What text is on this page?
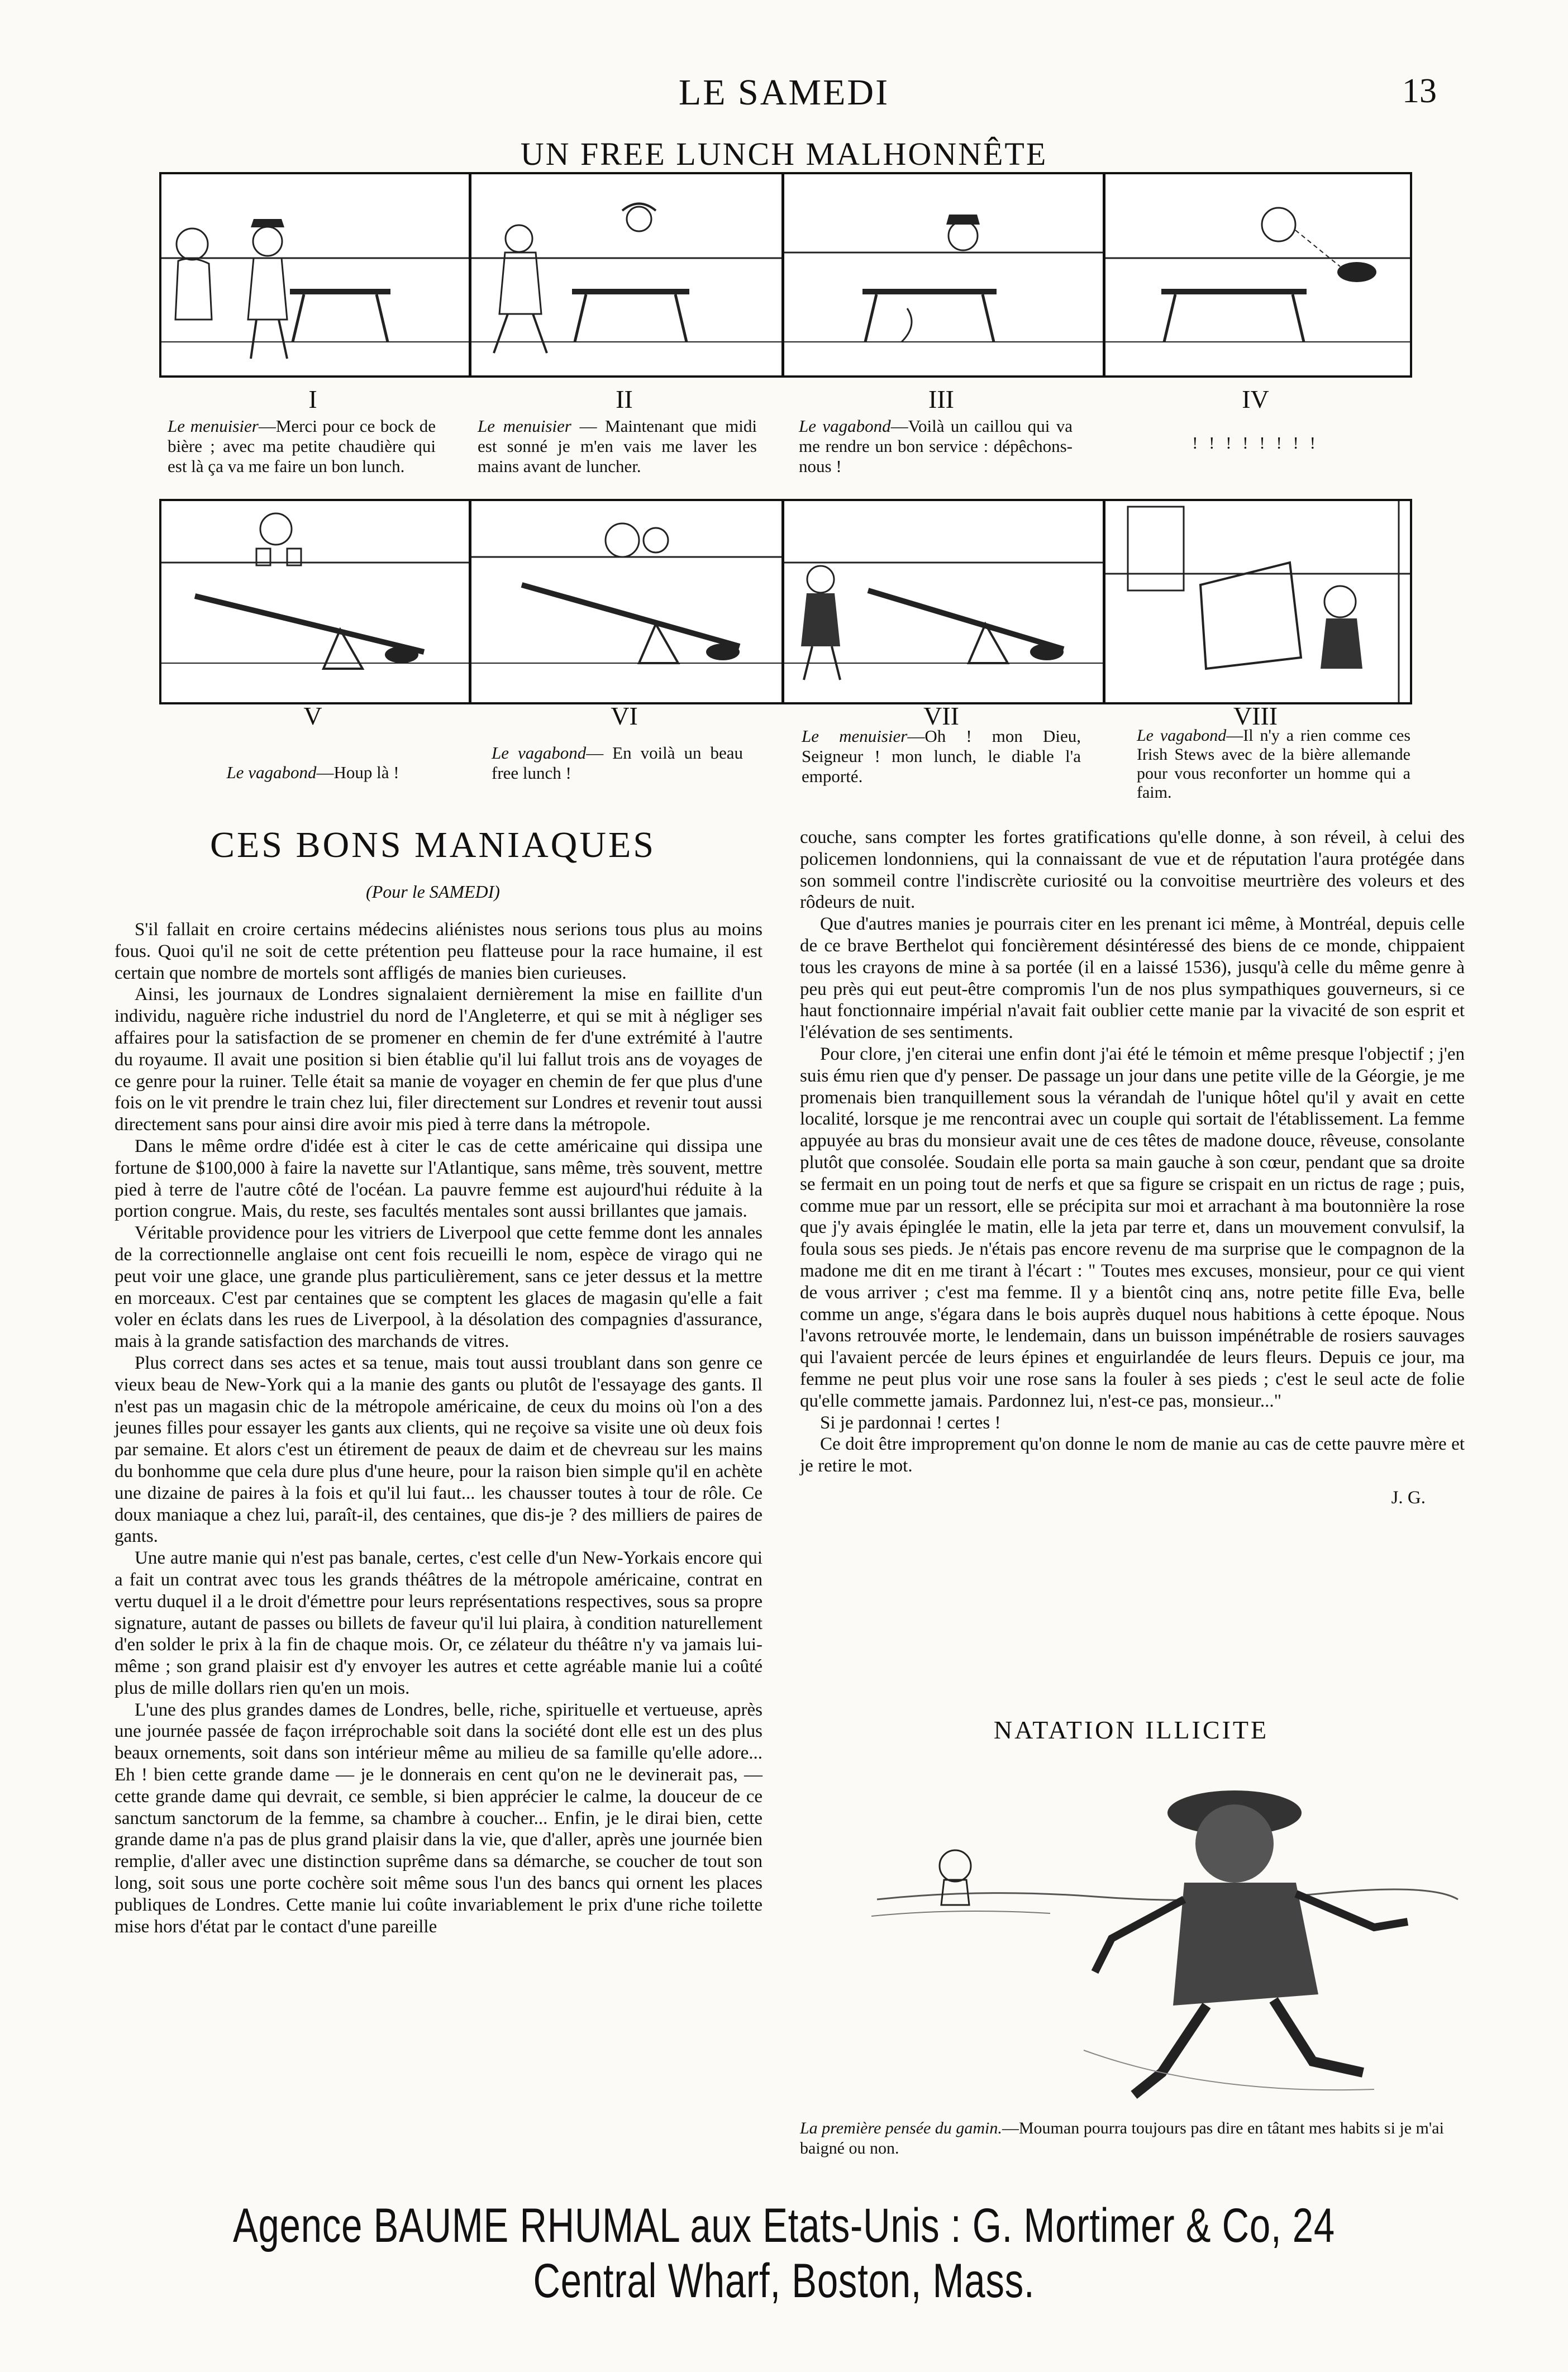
LE SAMEDI	13
UN FREE LUNCH MALHONNÊTE
I	II	III	IV
Le menuisier—Merci pour ce bock de bière ; avec ma petite chaudière qui est là ça va me faire un bon lunch.
Le menuisier — Maintenant que midi est sonné je m'en vais me laver les mains avant de luncher.
Le vagabond—Voilà un caillou qui va me rendre un bon service : dépêchons-nous !
! ! ! ! ! ! ! !
V	VI	VII	VIII
Le vagabond—Houp là !
Le vagabond— En voilà un beau free lunch !
Le menuisier—Oh ! mon Dieu, Seigneur ! mon lunch, le diable l'a emporté.
Le vagabond—Il n'y a rien comme ces Irish Stews avec de la bière allemande pour vous reconforter un homme qui a faim.
CES BONS MANIAQUES
(Pour le SAMEDI)

S'il fallait en croire certains médecins aliénistes nous serions tous plus au moins fous. Quoi qu'il ne soit de cette prétention peu flatteuse pour la race humaine, il est certain que nombre de mortels sont affligés de manies bien curieuses.

Ainsi, les journaux de Londres signalaient dernièrement la mise en faillite d'un individu, naguère riche industriel du nord de l'Angleterre, et qui se mit à négliger ses affaires pour la satisfaction de se promener en chemin de fer d'une extrémité à l'autre du royaume. Il avait une position si bien établie qu'il lui fallut trois ans de voyages de ce genre pour la ruiner. Telle était sa manie de voyager en chemin de fer que plus d'une fois on le vit prendre le train chez lui, filer directement sur Londres et revenir tout aussi directement sans pour ainsi dire avoir mis pied à terre dans la métropole.

Dans le même ordre d'idée est à citer le cas de cette américaine qui dissipa une fortune de $100,000 à faire la navette sur l'Atlantique, sans même, très souvent, mettre pied à terre de l'autre côté de l'océan. La pauvre femme est aujourd'hui réduite à la portion congrue. Mais, du reste, ses facultés mentales sont aussi brillantes que jamais.

Véritable providence pour les vitriers de Liverpool que cette femme dont les annales de la correctionnelle anglaise ont cent fois recueilli le nom, espèce de virago qui ne peut voir une glace, une grande plus particulièrement, sans ce jeter dessus et la mettre en morceaux. C'est par centaines que se comptent les glaces de magasin qu'elle a fait voler en éclats dans les rues de Liverpool, à la désolation des compagnies d'assurance, mais à la grande satisfaction des marchands de vitres.

Plus correct dans ses actes et sa tenue, mais tout aussi troublant dans son genre ce vieux beau de New-York qui a la manie des gants ou plutôt de l'essayage des gants. Il n'est pas un magasin chic de la métropole américaine, de ceux du moins où l'on a des jeunes filles pour essayer les gants aux clients, qui ne reçoive sa visite une où deux fois par semaine. Et alors c'est un étirement de peaux de daim et de chevreau sur les mains du bonhomme que cela dure plus d'une heure, pour la raison bien simple qu'il en achète une dizaine de paires à la fois et qu'il lui faut... les chausser toutes à tour de rôle. Ce doux maniaque a chez lui, paraît-il, des centaines, que dis-je ? des milliers de paires de gants.

Une autre manie qui n'est pas banale, certes, c'est celle d'un New-Yorkais encore qui a fait un contrat avec tous les grands théâtres de la métropole américaine, contrat en vertu duquel il a le droit d'émettre pour leurs représentations respectives, sous sa propre signature, autant de passes ou billets de faveur qu'il lui plaira, à condition naturellement d'en solder le prix à la fin de chaque mois. Or, ce zélateur du théâtre n'y va jamais lui-même ; son grand plaisir est d'y envoyer les autres et cette agréable manie lui a coûté plus de mille dollars rien qu'en un mois.

L'une des plus grandes dames de Londres, belle, riche, spirituelle et vertueuse, après une journée passée de façon irréprochable soit dans la société dont elle est un des plus beaux ornements, soit dans son intérieur même au milieu de sa famille qu'elle adore... Eh ! bien cette grande dame — je le donnerais en cent qu'on ne le devinerait pas, — cette grande dame qui devrait, ce semble, si bien apprécier le calme, la douceur de ce sanctum sanctorum de la femme, sa chambre à coucher... Enfin, je le dirai bien, cette grande dame n'a pas de plus grand plaisir dans la vie, que d'aller, après une journée bien remplie, d'aller avec une distinction suprême dans sa démarche, se coucher de tout son long, soit sous une porte cochère soit même sous l'un des bancs qui ornent les places publiques de Londres. Cette manie lui coûte invariablement le prix d'une riche toilette mise hors d'état par le contact d'une pareille

couche, sans compter les fortes gratifications qu'elle donne, à son réveil, à celui des policemen londonniens, qui la connaissant de vue et de réputation l'aura protégée dans son sommeil contre l'indiscrète curiosité ou la convoitise meurtrière des voleurs et des rôdeurs de nuit.

Que d'autres manies je pourrais citer en les prenant ici même, à Montréal, depuis celle de ce brave Berthelot qui foncièrement désintéressé des biens de ce monde, chippaient tous les crayons de mine à sa portée (il en a laissé 1536), jusqu'à celle du même genre à peu près qui eut peut-être compromis l'un de nos plus sympathiques gouverneurs, si ce haut fonctionnaire impérial n'avait fait oublier cette manie par la vivacité de son esprit et l'élévation de ses sentiments.

Pour clore, j'en citerai une enfin dont j'ai été le témoin et même presque l'objectif ; j'en suis ému rien que d'y penser. De passage un jour dans une petite ville de la Géorgie, je me promenais bien tranquillement sous la vérandah de l'unique hôtel qu'il y avait en cette localité, lorsque je me rencontrai avec un couple qui sortait de l'établissement. La femme appuyée au bras du monsieur avait une de ces têtes de madone douce, rêveuse, consolante plutôt que consolée. Soudain elle porta sa main gauche à son cœur, pendant que sa droite se fermait en un poing tout de nerfs et que sa figure se crispait en un rictus de rage ; puis, comme mue par un ressort, elle se précipita sur moi et arrachant à ma boutonnière la rose que j'y avais épinglée le matin, elle la jeta par terre et, dans un mouvement convulsif, la foula sous ses pieds. Je n'étais pas encore revenu de ma surprise que le compagnon de la madone me dit en me tirant à l'écart : " Toutes mes excuses, monsieur, pour ce qui vient de vous arriver ; c'est ma femme. Il y a bientôt cinq ans, notre petite fille Eva, belle comme un ange, s'égara dans le bois auprès duquel nous habitions à cette époque. Nous l'avons retrouvée morte, le lendemain, dans un buisson impénétrable de rosiers sauvages qui l'avaient percée de leurs épines et enguirlandée de leurs fleurs. Depuis ce jour, ma femme ne peut plus voir une rose sans la fouler à ses pieds ; c'est le seul acte de folie qu'elle commette jamais. Pardonnez lui, n'est-ce pas, monsieur..."

Si je pardonnai ! certes !

Ce doit être improprement qu'on donne le nom de manie au cas de cette pauvre mère et je retire le mot.

J. G.

NATATION ILLICITE
La première pensée du gamin.—Mouman pourra toujours pas dire en tâtant mes habits si je m'ai baigné ou non.
Agence BAUME RHUMAL aux Etats-Unis : G. Mortimer & Co, 24 Central Wharf, Boston, Mass.
